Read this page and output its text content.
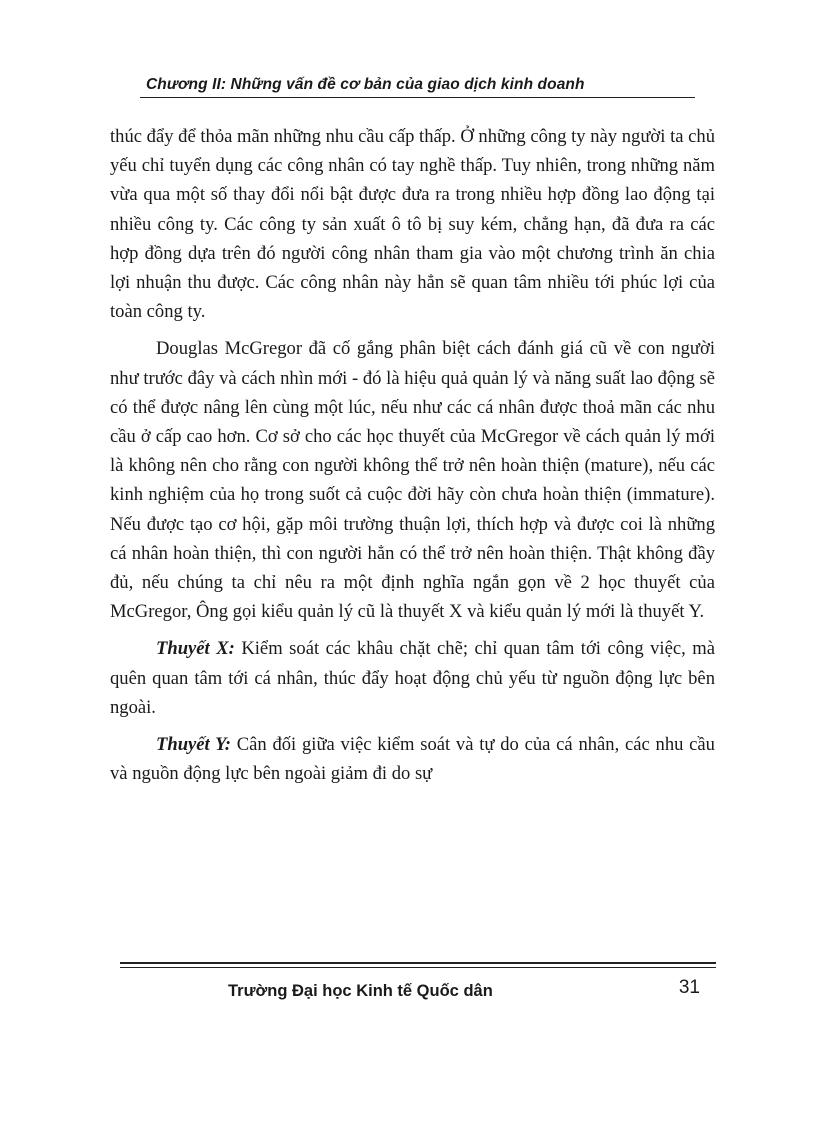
Chương II: Những vấn đề cơ bản của giao dịch kinh doanh

thúc đẩy để thỏa mãn những nhu cầu cấp thấp. Ở những công ty này người ta chủ yếu chỉ tuyển dụng các công nhân có tay nghề thấp. Tuy nhiên, trong những năm vừa qua một số thay đổi nổi bật được đưa ra trong nhiều hợp đồng lao động tại nhiều công ty. Các công ty sản xuất ô tô bị suy kém, chẳng hạn, đã đưa ra các hợp đồng dựa trên đó người công nhân tham gia vào một chương trình ăn chia lợi nhuận thu được. Các công nhân này hẳn sẽ quan tâm nhiều tới phúc lợi của toàn công ty.

Douglas McGregor đã cố gắng phân biệt cách đánh giá cũ về con người như trước đây và cách nhìn mới - đó là hiệu quả quản lý và năng suất lao động sẽ có thể được nâng lên cùng một lúc, nếu như các cá nhân được thoả mãn các nhu cầu ở cấp cao hơn. Cơ sở cho các học thuyết của McGregor về cách quản lý mới là không nên cho rằng con người không thể trở nên hoàn thiện (mature), nếu các kinh nghiệm của họ trong suốt cả cuộc đời hãy còn chưa hoàn thiện (immature). Nếu được tạo cơ hội, gặp môi trường thuận lợi, thích hợp và được coi là những cá nhân hoàn thiện, thì con người hẳn có thể trở nên hoàn thiện. Thật không đầy đủ, nếu chúng ta chỉ nêu ra một định nghĩa ngắn gọn về 2 học thuyết của McGregor, Ông gọi kiểu quản lý cũ là thuyết X và kiểu quản lý mới là thuyết Y.

Thuyết X: Kiểm soát các khâu chặt chẽ; chỉ quan tâm tới công việc, mà quên quan tâm tới cá nhân, thúc đẩy hoạt động chủ yếu từ nguồn động lực bên ngoài.

Thuyết Y: Cân đối giữa việc kiểm soát và tự do của cá nhân, các nhu cầu và nguồn động lực bên ngoài giảm đi do sự

Trường Đại học Kinh tế Quốc dân	31
